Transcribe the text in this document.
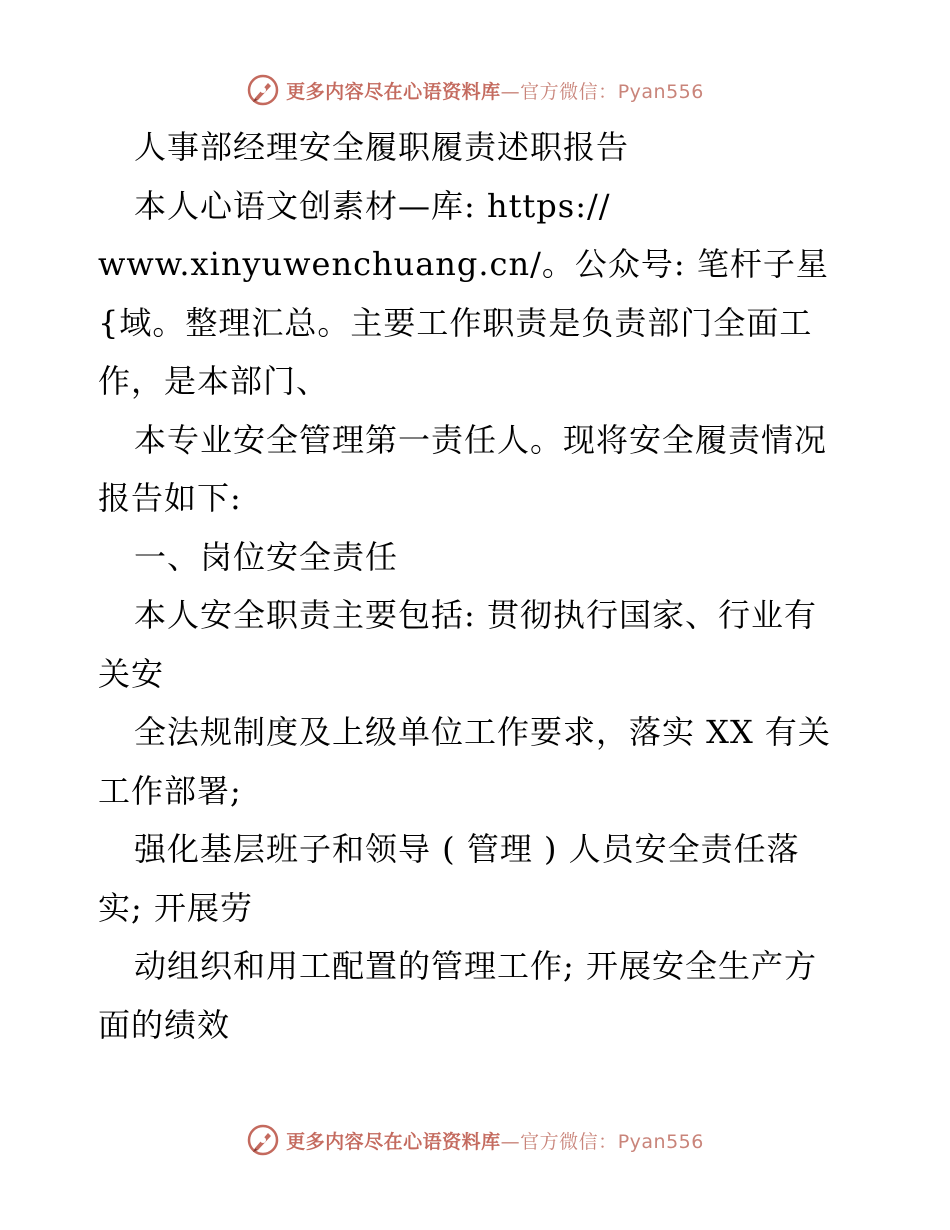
更多内容尽在心语资料库—官方微信：Pyan556
人事部经理安全履职履责述职报告
本人心语文创素材—库: https://
www.xinyuwenchuang.cn/。公众号: 笔杆子星
{域。整理汇总。主要工作职责是负责部门全面工
作，是本部门、
本专业安全管理第一责任人。现将安全履责情况
报告如下:
一、岗位安全责任
本人安全职责主要包括: 贯彻执行国家、行业有
关安
全法规制度及上级单位工作要求，落实 XX 有关
工作部署;
强化基层班子和领导 ( 管理 ) 人员安全责任落
实; 开展劳
动组织和用工配置的管理工作; 开展安全生产方
面的绩效
更多内容尽在心语资料库—官方微信：Pyan556
